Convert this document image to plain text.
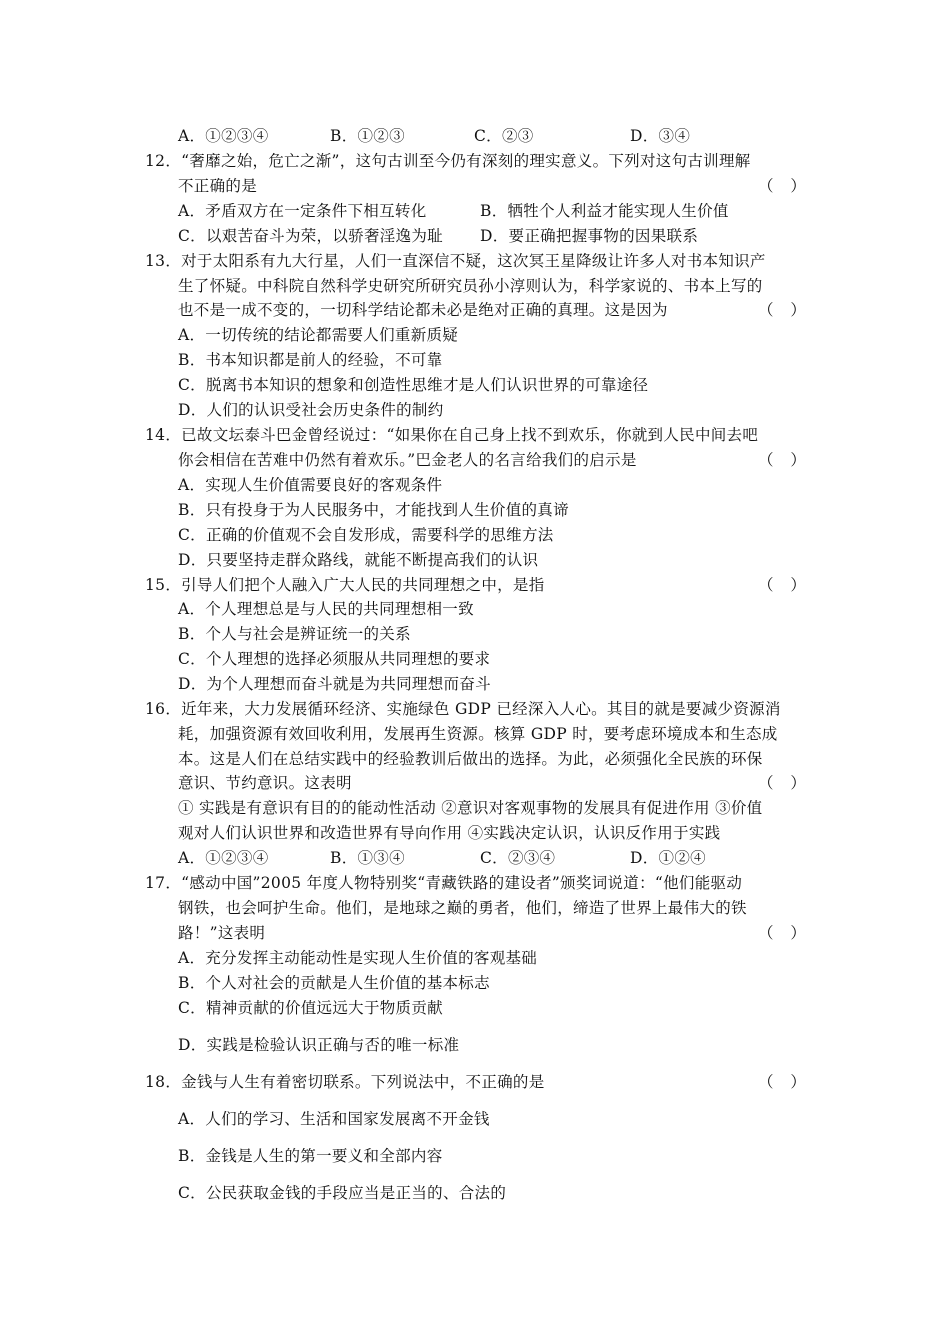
A．①②③④	B．①②③	C．②③	D．③④
12．“奢靡之始，危亡之渐”，这句古训至今仍有深刻的理实意义。下列对这句古训理解
不正确的是	（ ）
A．矛盾双方在一定条件下相互转化	B．牺牲个人利益才能实现人生价值
C．以艰苦奋斗为荣，以骄奢淫逸为耻 D．要正确把握事物的因果联系
13．对于太阳系有九大行星，人们一直深信不疑，这次冥王星降级让许多人对书本知识产
生了怀疑。中科院自然科学史研究所研究员孙小淳则认为，科学家说的、书本上写的
也不是一成不变的，一切科学结论都未必是绝对正确的真理。这是因为	（ ）
A．一切传统的结论都需要人们重新质疑
B．书本知识都是前人的经验，不可靠
C．脱离书本知识的想象和创造性思维才是人们认识世界的可靠途径
D．人们的认识受社会历史条件的制约
14．已故文坛泰斗巴金曾经说过：“如果你在自己身上找不到欢乐，你就到人民中间去吧
你会相信在苦难中仍然有着欢乐。”巴金老人的名言给我们的启示是	（ ）
A．实现人生价值需要良好的客观条件
B．只有投身于为人民服务中，才能找到人生价值的真谛
C．正确的价值观不会自发形成，需要科学的思维方法
D．只要坚持走群众路线，就能不断提高我们的认识
15．引导人们把个人融入广大人民的共同理想之中，是指	（ ）
A．个人理想总是与人民的共同理想相一致
B．个人与社会是辨证统一的关系
C．个人理想的选择必须服从共同理想的要求
D．为个人理想而奋斗就是为共同理想而奋斗
16．近年来，大力发展循环经济、实施绿色 GDP 已经深入人心。其目的就是要减少资源消
耗，加强资源有效回收利用，发展再生资源。核算 GDP 时，要考虑环境成本和生态成
本。这是人们在总结实践中的经验教训后做出的选择。为此，必须强化全民族的环保
意识、节约意识。这表明	（ ）
① 实践是有意识有目的的能动性活动 ②意识对客观事物的发展具有促进作用 ③价值
观对人们认识世界和改造世界有导向作用 ④实践决定认识，认识反作用于实践
A．①②③④	B．①③④	C．②③④	D．①②④
17．“感动中国”2005 年度人物特别奖“青藏铁路的建设者”颁奖词说道：“他们能驱动
钢铁，也会呵护生命。他们，是地球之巅的勇者，他们，缔造了世界上最伟大的铁
路！”这表明	（ ）
A．充分发挥主动能动性是实现人生价值的客观基础
B．个人对社会的贡献是人生价值的基本标志
C．精神贡献的价值远远大于物质贡献
D．实践是检验认识正确与否的唯一标准
18．金钱与人生有着密切联系。下列说法中，不正确的是	（ ）
A．人们的学习、生活和国家发展离不开金钱
B．金钱是人生的第一要义和全部内容
C．公民获取金钱的手段应当是正当的、合法的
